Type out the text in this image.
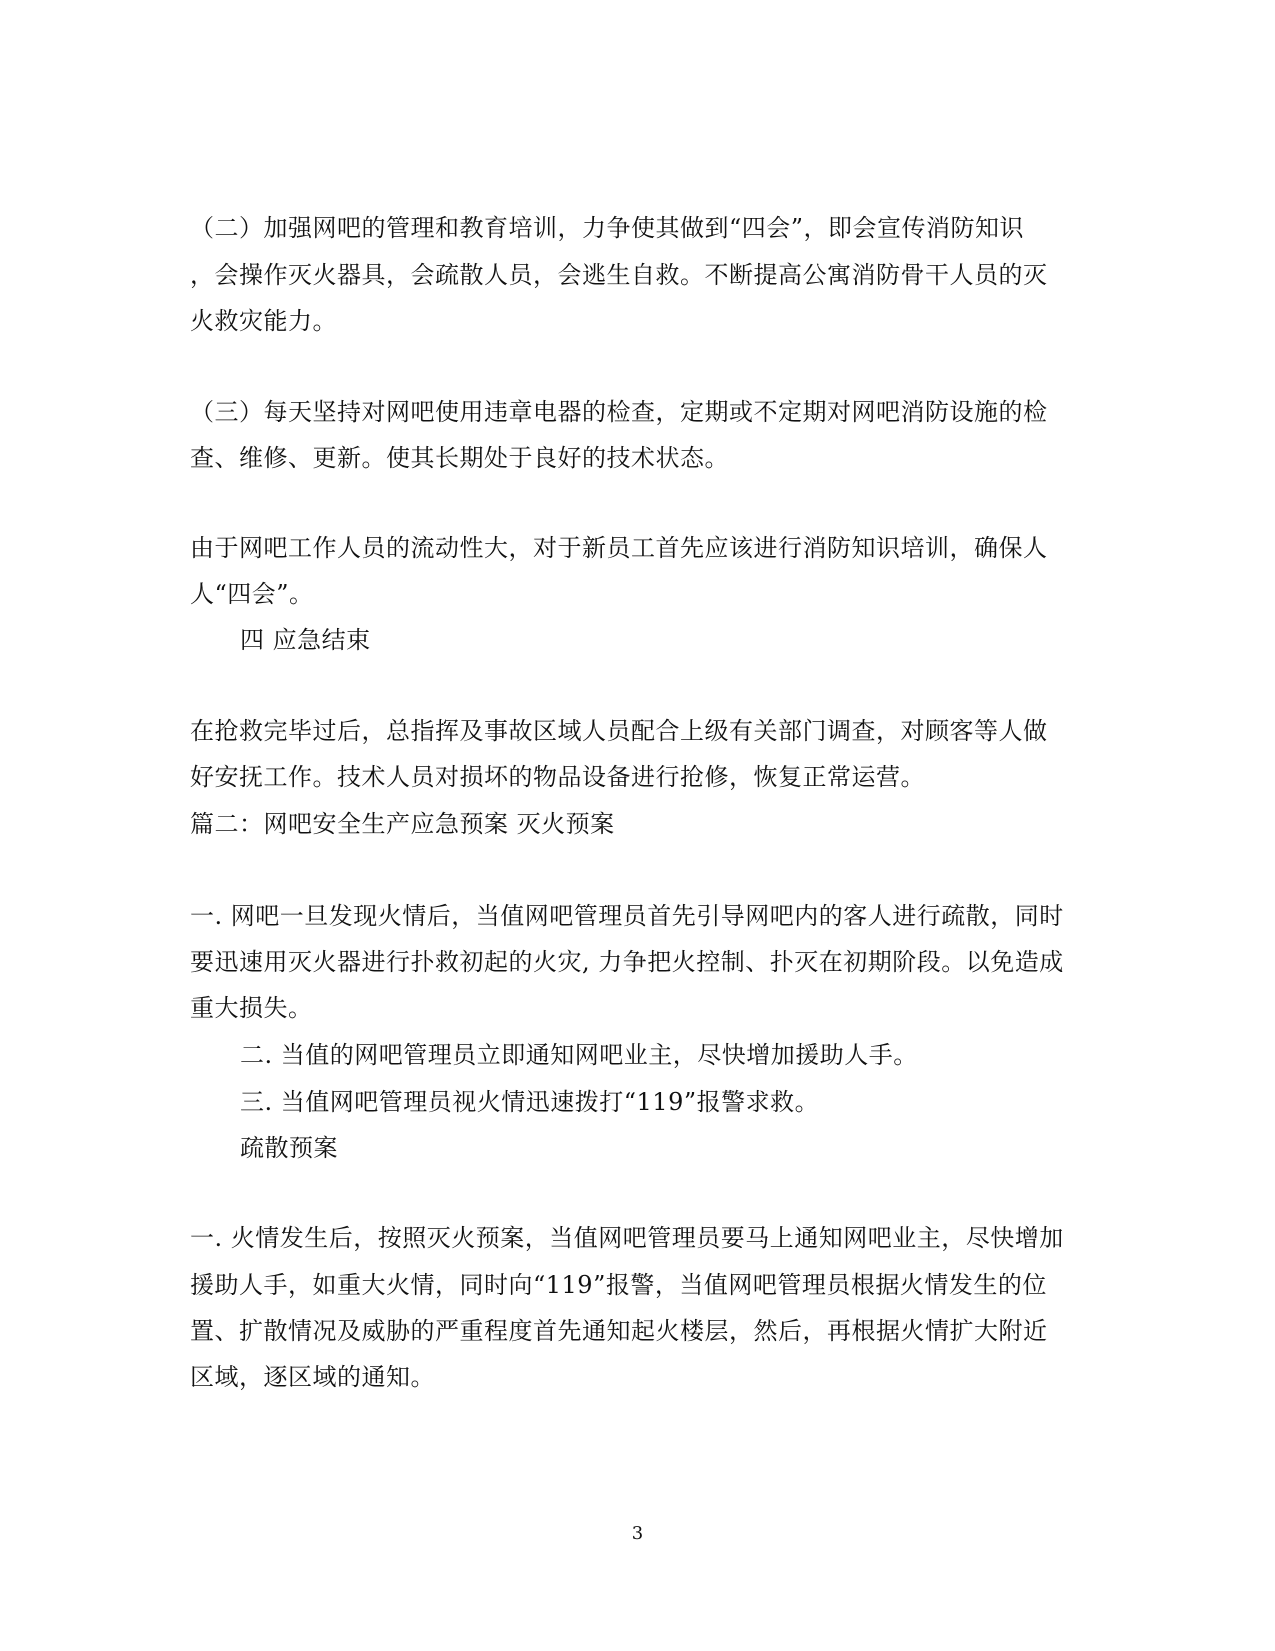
（二）加强网吧的管理和教育培训，力争使其做到“四会”，即会宣传消防知识
，会操作灭火器具，会疏散人员，会逃生自救。不断提高公寓消防骨干人员的灭
火救灾能力。
（三）每天坚持对网吧使用违章电器的检查，定期或不定期对网吧消防设施的检
查、维修、更新。使其长期处于良好的技术状态。
由于网吧工作人员的流动性大，对于新员工首先应该进行消防知识培训，确保人
人“四会”。
四 应急结束
在抢救完毕过后，总指挥及事故区域人员配合上级有关部门调查，对顾客等人做
好安抚工作。技术人员对损坏的物品设备进行抢修，恢复正常运营。
篇二：网吧安全生产应急预案 灭火预案
一. 网吧一旦发现火情后，当值网吧管理员首先引导网吧内的客人进行疏散，同时
要迅速用灭火器进行扑救初起的火灾, 力争把火控制、扑灭在初期阶段。以免造成
重大损失。
二. 当值的网吧管理员立即通知网吧业主，尽快增加援助人手。
三. 当值网吧管理员视火情迅速拨打“119”报警求救。
疏散预案
一. 火情发生后，按照灭火预案，当值网吧管理员要马上通知网吧业主，尽快增加
援助人手，如重大火情，同时向“119”报警，当值网吧管理员根据火情发生的位
置、扩散情况及威胁的严重程度首先通知起火楼层，然后，再根据火情扩大附近
区域，逐区域的通知。
3
